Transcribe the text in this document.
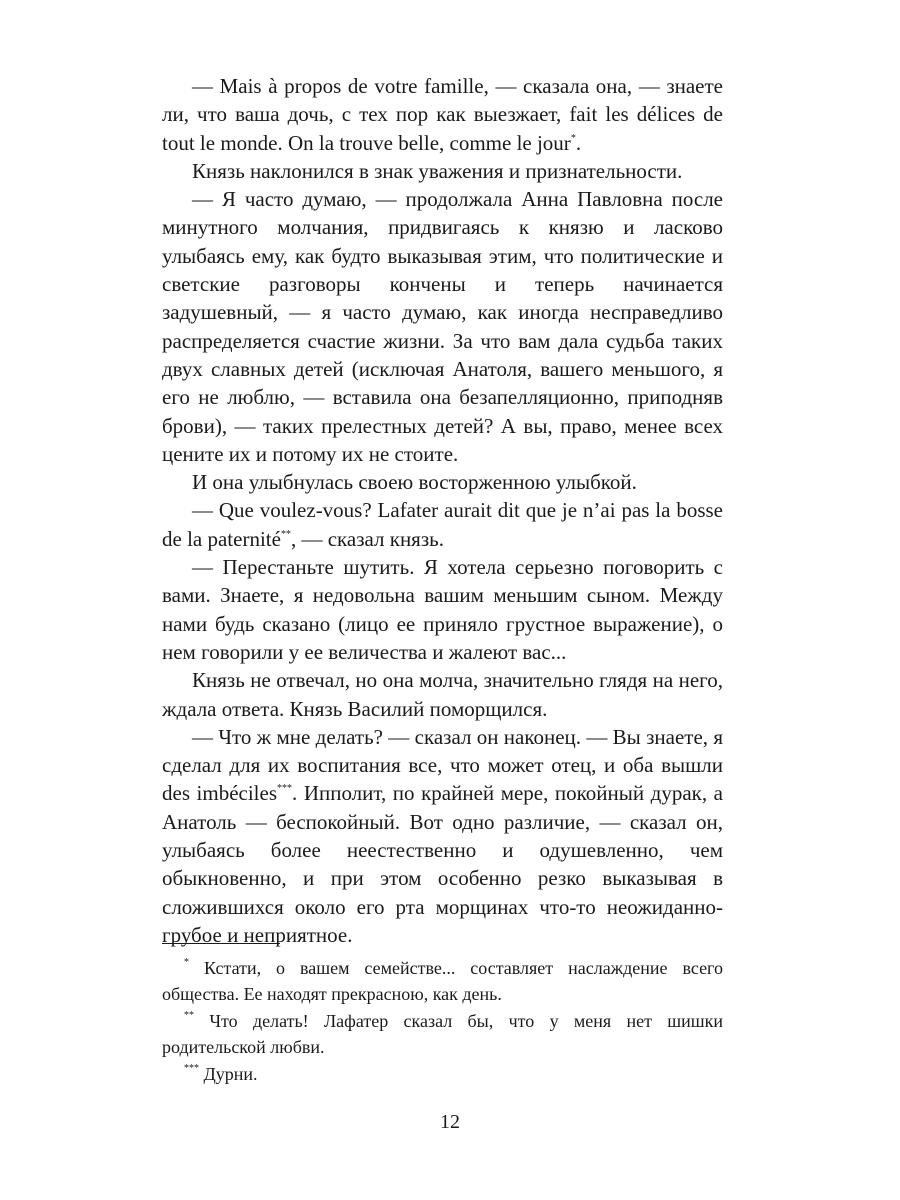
— Mais à propos de votre famille, — сказала она, — знаете ли, что ваша дочь, с тех пор как выезжает, fait les délices de tout le monde. On la trouve belle, comme le jour*.

Князь наклонился в знак уважения и признательности.

— Я часто думаю, — продолжала Анна Павловна после минутного молчания, придвигаясь к князю и ласково улыбаясь ему, как будто выказывая этим, что политические и светские разговоры кончены и теперь начинается задушевный, — я часто думаю, как иногда несправедливо распределяется счастие жизни. За что вам дала судьба таких двух славных детей (исключая Анатоля, вашего меньшого, я его не люблю, — вставила она безапелляционно, приподняв брови), — таких прелестных детей? А вы, право, менее всех цените их и потому их не стоите.

И она улыбнулась своею восторженною улыбкой.

— Que voulez-vous? Lafater aurait dit que je n’ai pas la bosse de la paternité**, — сказал князь.

— Перестаньте шутить. Я хотела серьезно поговорить с вами. Знаете, я недовольна вашим меньшим сыном. Между нами будь сказано (лицо ее приняло грустное выражение), о нем говорили у ее величества и жалеют вас...

Князь не отвечал, но она молча, значительно глядя на него, ждала ответа. Князь Василий поморщился.

— Что ж мне делать? — сказал он наконец. — Вы знаете, я сделал для их воспитания все, что может отец, и оба вышли des imbéciles***. Ипполит, по крайней мере, покойный дурак, а Анатоль — беспокойный. Вот одно различие, — сказал он, улыбаясь более неестественно и одушевленно, чем обыкновенно, и при этом особенно резко выказывая в сложившихся около его рта морщинах что-то неожиданно-грубое и неприятное.

* Кстати, о вашем семействе... составляет наслаждение всего общества. Ее находят прекрасною, как день.

** Что делать! Лафатер сказал бы, что у меня нет шишки родительской любви.

*** Дурни.

12
